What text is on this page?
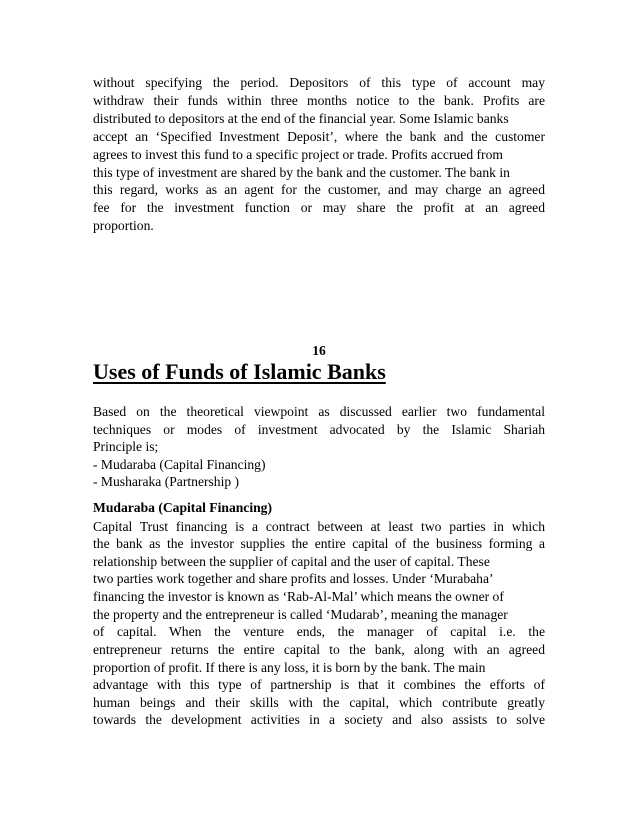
without specifying the period. Depositors of this type of account may
withdraw their funds within three months notice to the bank. Profits are
distributed to depositors at the end of the financial year. Some Islamic banks
accept an ‘Specified Investment Deposit’, where the bank and the customer
agrees to invest this fund to a specific project or trade. Profits accrued from
this type of investment are shared by the bank and the customer. The bank in
this regard, works as an agent for the customer, and may charge an agreed
fee for the investment function or may share the profit at an agreed
proportion.
16
Uses of Funds of Islamic Banks
Based on the theoretical viewpoint as discussed earlier two fundamental
techniques or modes of investment advocated by the Islamic Shariah
Principle is;
- Mudaraba (Capital Financing)
- Musharaka (Partnership )
Mudaraba (Capital Financing)
Capital Trust financing is a contract between at least two parties in which
the bank as the investor supplies the entire capital of the business forming a
relationship between the supplier of capital and the user of capital. These
two parties work together and share profits and losses. Under ‘Murabaha’
financing the investor is known as ‘Rab-Al-Mal’ which means the owner of
the property and the entrepreneur is called ‘Mudarab’, meaning the manager
of capital. When the venture ends, the manager of capital i.e. the
entrepreneur returns the entire capital to the bank, along with an agreed
proportion of profit. If there is any loss, it is born by the bank. The main
advantage with this type of partnership is that it combines the efforts of
human beings and their skills with the capital, which contribute greatly
towards the development activities in a society and also assists to solve
